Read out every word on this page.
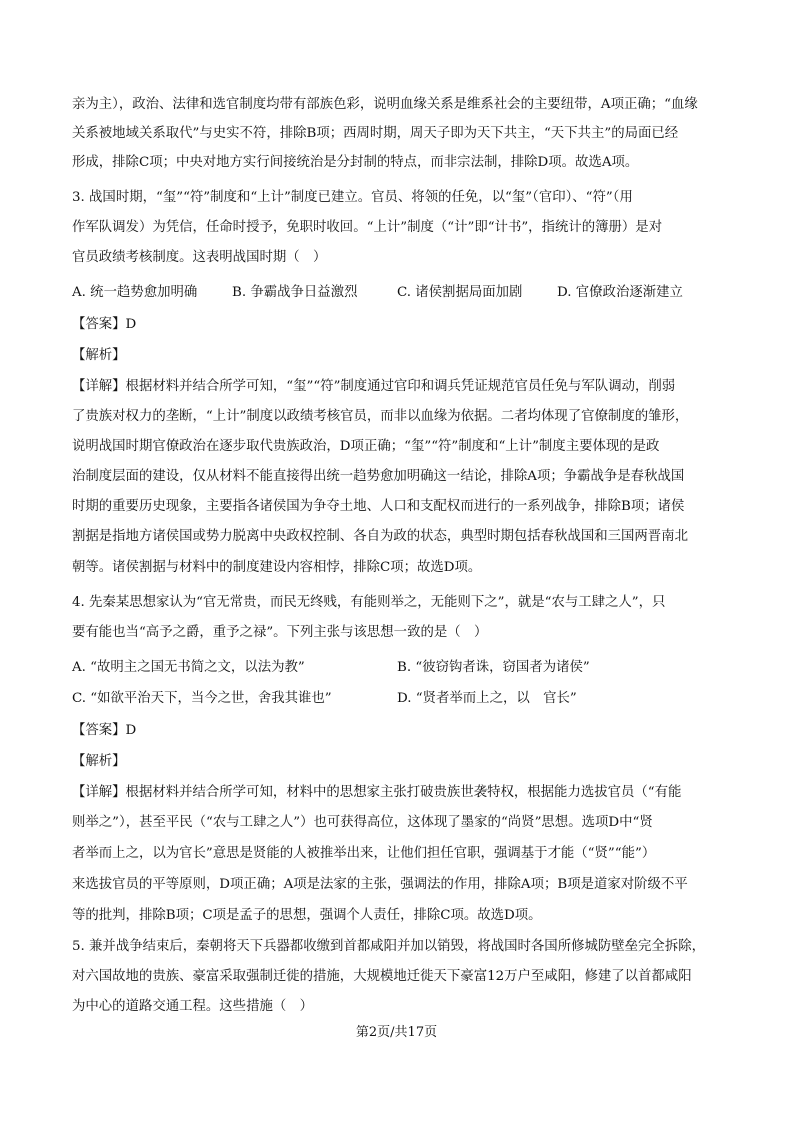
亲为主），政治、法律和选官制度均带有部族色彩，说明血缘关系是维系社会的主要纽带，A项正确；“血缘
关系被地域关系取代”与史实不符，排除B项；西周时期，周天子即为天下共主，“天下共主”的局面已经
形成，排除C项；中央对地方实行间接统治是分封制的特点，而非宗法制，排除D项。故选A项。
3. 战国时期，“玺”“符”制度和“上计”制度已建立。官员、将领的任免，以“玺”（官印）、“符”（用
作军队调发）为凭信，任命时授予，免职时收回。“上计”制度（“计”即“计书”，指统计的簿册）是对
官员政绩考核制度。这表明战国时期（　）
A. 统一趋势愈加明确	B. 争霸战争日益激烈	C. 诸侯割据局面加剧	D. 官僚政治逐渐建立
【答案】D
【解析】
【详解】根据材料并结合所学可知，“玺”“符”制度通过官印和调兵凭证规范官员任免与军队调动，削弱
了贵族对权力的垄断，“上计”制度以政绩考核官员，而非以血缘为依据。二者均体现了官僚制度的雏形，
说明战国时期官僚政治在逐步取代贵族政治，D项正确；“玺”“符”制度和“上计”制度主要体现的是政
治制度层面的建设，仅从材料不能直接得出统一趋势愈加明确这一结论，排除A项；争霸战争是春秋战国
时期的重要历史现象，主要指各诸侯国为争夺土地、人口和支配权而进行的一系列战争，排除B项；诸侯
割据是指地方诸侯国或势力脱离中央政权控制、各自为政的状态，典型时期包括春秋战国和三国两晋南北
朝等。诸侯割据与材料中的制度建设内容相悖，排除C项；故选D项。
4. 先秦某思想家认为“官无常贵，而民无终贱，有能则举之，无能则下之”，就是“农与工肆之人”，只
要有能也当“高予之爵，重予之禄”。下列主张与该思想一致的是（　）
A. “故明主之国无书简之文，以法为教”	B. “彼窃钩者诛，窃国者为诸侯”
C. “如欲平治天下，当今之世，舍我其谁也”	D. “贤者举而上之，以　官长”
【答案】D
【解析】
【详解】根据材料并结合所学可知，材料中的思想家主张打破贵族世袭特权，根据能力选拔官员（“有能
则举之”），甚至平民（“农与工肆之人”）也可获得高位，这体现了墨家的“尚贤”思想。选项D中“贤
者举而上之，以为官长”意思是贤能的人被推举出来，让他们担任官职，强调基于才能（“贤”“能”）
来选拔官员的平等原则，D项正确；A项是法家的主张，强调法的作用，排除A项；B项是道家对阶级不平
等的批判，排除B项；C项是孟子的思想，强调个人责任，排除C项。故选D项。
5. 兼并战争结束后，秦朝将天下兵器都收缴到首都咸阳并加以销毁，将战国时各国所修城防壁垒完全拆除，
对六国故地的贵族、豪富采取强制迁徙的措施，大规模地迁徙天下豪富12万户至咸阳，修建了以首都咸阳
为中心的道路交通工程。这些措施（　）
第2页/共17页
